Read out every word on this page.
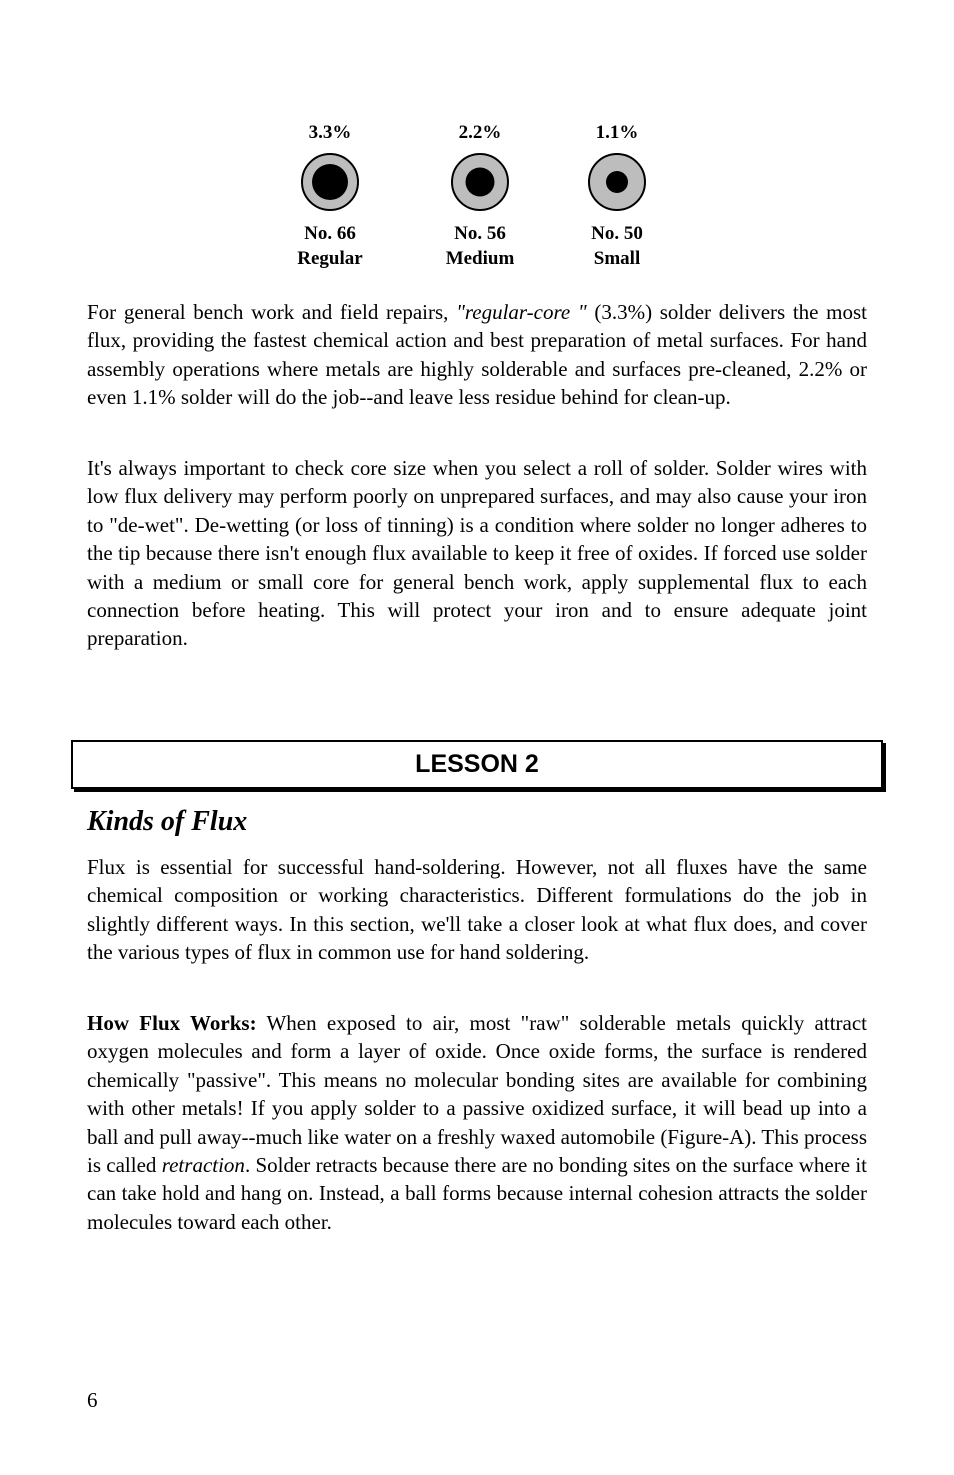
3.3%
No. 66
Regular
2.2%
No. 56
Medium
1.1%
No. 50
Small

For general bench work and field repairs, "regular-core " (3.3%) solder delivers the most flux, providing the fastest chemical action and best preparation of metal surfaces. For hand assembly operations where metals are highly solderable and surfaces pre-cleaned, 2.2% or even 1.1% solder will do the job--and leave less residue behind for clean-up.

It's always important to check core size when you select a roll of solder. Solder wires with low flux delivery may perform poorly on unprepared surfaces, and may also cause your iron to "de-wet". De-wetting (or loss of tinning) is a condition where solder no longer adheres to the tip because there isn't enough flux available to keep it free of oxides. If forced use solder with a medium or small core for general bench work, apply supplemental flux to each connection before heating. This will protect your iron and to ensure adequate joint preparation.

LESSON 2
Kinds of Flux

Flux is essential for successful hand-soldering. However, not all fluxes have the same chemical composition or working characteristics. Different formulations do the job in slightly different ways. In this section, we'll take a closer look at what flux does, and cover the various types of flux in common use for hand soldering.

How Flux Works: When exposed to air, most "raw" solderable metals quickly attract oxygen molecules and form a layer of oxide. Once oxide forms, the surface is rendered chemically "passive". This means no molecular bonding sites are available for combining with other metals! If you apply solder to a passive oxidized surface, it will bead up into a ball and pull away--much like water on a freshly waxed automobile (Figure-A). This process is called retraction. Solder retracts because there are no bonding sites on the surface where it can take hold and hang on. Instead, a ball forms because internal cohesion attracts the solder molecules toward each other.

6
